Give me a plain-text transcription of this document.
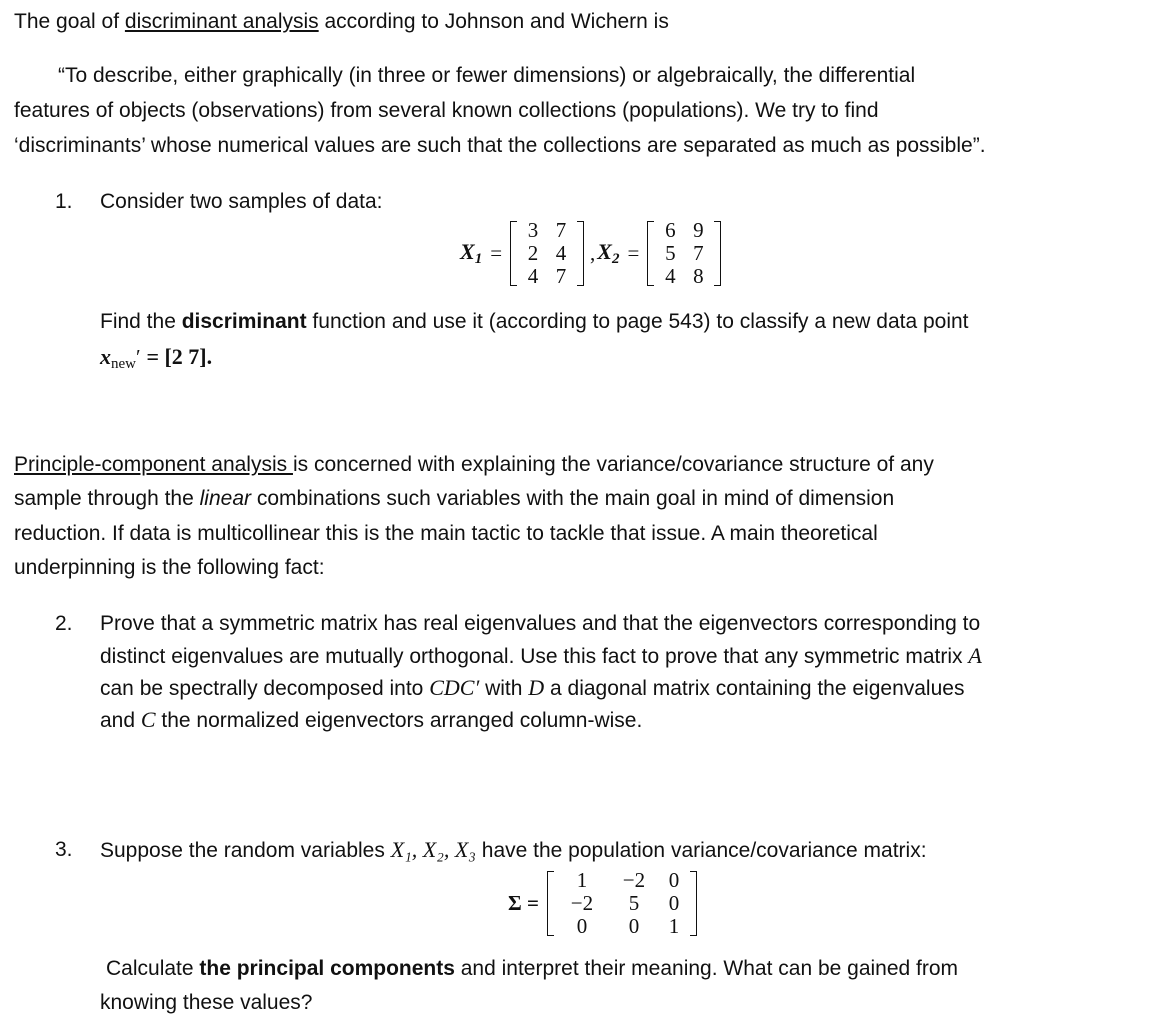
The goal of discriminant analysis according to Johnson and Wichern is
“To describe, either graphically (in three or fewer dimensions) or algebraically, the differential
features of objects (observations) from several known collections (populations). We try to find
‘discriminants’ whose numerical values are such that the collections are separated as much as possible”.
1. Consider two samples of data:
$X_1$ =
3 7
2 4
4 7
, $X_2$ =
6 9
5 7
4 8
Find the discriminant function and use it (according to page 543) to classify a new data point
$x_{new}' = [2$ 7].
Principle-component analysis is concerned with explaining the variance/covariance structure of any
sample through the linear combinations such variables with the main goal in mind of dimension
reduction. If data is multicollinear this is the main tactic to tackle that issue. A main theoretical
underpinning is the following fact:
2. Prove that a symmetric matrix has real eigenvalues and that the eigenvectors corresponding to
distinct eigenvalues are mutually orthogonal. Use this fact to prove that any symmetric matrix A
can be spectrally decomposed into CDC′ with D a diagonal matrix containing the eigenvalues
and C the normalized eigenvectors arranged column-wise.
3. Suppose the random variables X₁, X₂, X₃ have the population variance/covariance matrix:
Σ =
1	−2	0
−2	5	0
0	0	1
Calculate the principal components and interpret their meaning. What can be gained from
knowing these values?
